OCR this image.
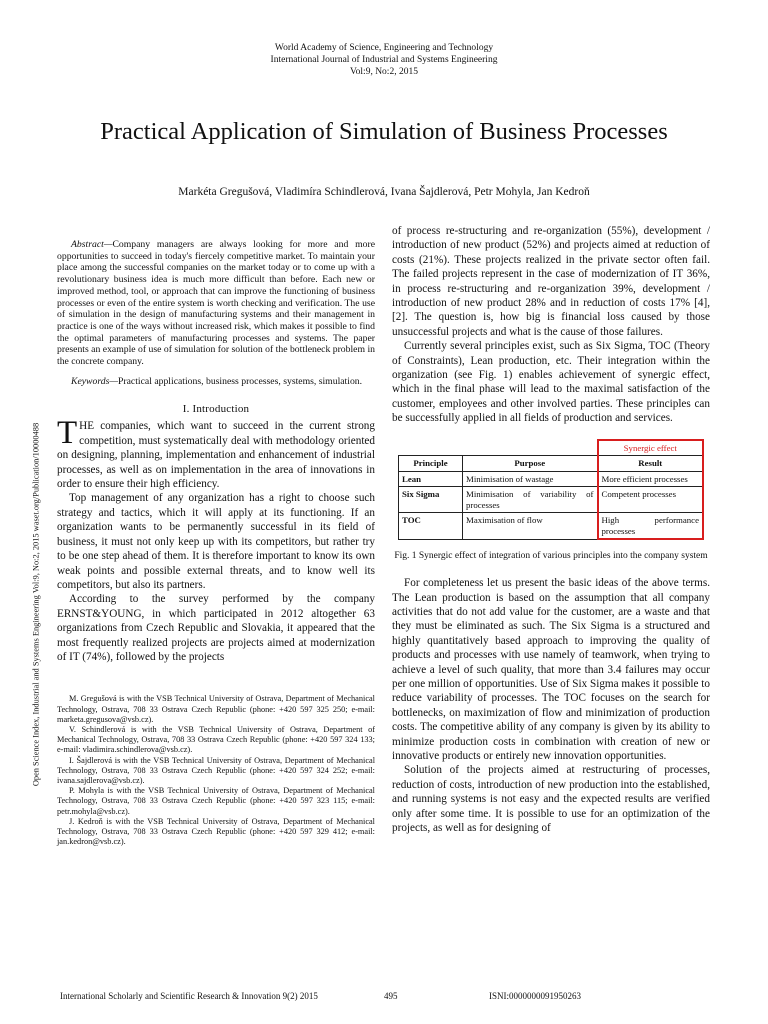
World Academy of Science, Engineering and Technology
International Journal of Industrial and Systems Engineering
Vol:9, No:2, 2015
Practical Application of Simulation of Business Processes
Markéta Gregušová, Vladimíra Schindlerová, Ivana Šajdlerová, Petr Mohyla, Jan Kedroň
Open Science Index, Industrial and Systems Engineering Vol:9, No:2, 2015 waset.org/Publication/10000488

Abstract—Company managers are always looking for more and more opportunities to succeed in today's fiercely competitive market. To maintain your place among the successful companies on the market today or to come up with a revolutionary business idea is much more difficult than before. Each new or improved method, tool, or approach that can improve the functioning of business processes or even of the entire system is worth checking and verification. The use of simulation in the design of manufacturing systems and their management in practice is one of the ways without increased risk, which makes it possible to find the optimal parameters of manufacturing processes and systems. The paper presents an example of use of simulation for solution of the bottleneck problem in the concrete company.

Keywords—Practical applications, business processes, systems, simulation.

I. Introduction

THE companies, which want to succeed in the current strong competition, must systematically deal with methodology oriented on designing, planning, implementation and enhancement of industrial processes, as well as on implementation in the area of innovations in order to ensure their high efficiency.

Top management of any organization has a right to choose such strategy and tactics, which it will apply at its functioning. If an organization wants to be permanently successful in its field of business, it must not only keep up with its competitors, but rather try to be one step ahead of them. It is therefore important to know its own weak points and possible external threats, and to know well its competitors, but also its partners.

According to the survey performed by the company ERNST&YOUNG, in which participated in 2012 altogether 63 organizations from Czech Republic and Slovakia, it appeared that the most frequently realized projects are projects aimed at modernization of IT (74%), followed by the projects

M. Gregušová is with the VSB Technical University of Ostrava, Department of Mechanical Technology, Ostrava, 708 33 Ostrava Czech Republic (phone: +420 597 325 250; e-mail: marketa.gregusova@vsb.cz).

V. Schindlerová is with the VSB Technical University of Ostrava, Department of Mechanical Technology, Ostrava, 708 33 Ostrava Czech Republic (phone: +420 597 324 133; e-mail: vladimira.schindlerova@vsb.cz).

I. Šajdlerová is with the VSB Technical University of Ostrava, Department of Mechanical Technology, Ostrava, 708 33 Ostrava Czech Republic (phone: +420 597 324 252; e-mail: ivana.sajdlerova@vsb.cz).

P. Mohyla is with the VSB Technical University of Ostrava, Department of Mechanical Technology, Ostrava, 708 33 Ostrava Czech Republic (phone: +420 597 323 115; e-mail: petr.mohyla@vsb.cz).

J. Kedroň is with the VSB Technical University of Ostrava, Department of Mechanical Technology, Ostrava, 708 33 Ostrava Czech Republic (phone: +420 597 329 412; e-mail: jan.kedron@vsb.cz).

of process re-structuring and re-organization (55%), development / introduction of new product (52%) and projects aimed at reduction of costs (21%). These projects realized in the private sector often fail. The failed projects represent in the case of modernization of IT 36%, in process re-structuring and re-organization 39%, development / introduction of new product 28% and in reduction of costs 17% [4], [2]. The question is, how big is financial loss caused by those unsuccessful projects and what is the cause of those failures.

Currently several principles exist, such as Six Sigma, TOC (Theory of Constraints), Lean production, etc. Their integration within the organization (see Fig. 1) enables achievement of synergic effect, which in the final phase will lead to the maximal satisfaction of the customer, employees and other involved parties. These principles can be successfully applied in all fields of production and services.

		Synergic effect
Principle	Purpose	Result
Lean	Minimisation of wastage	More efficient processes
Six Sigma	Minimisation of variability of processes	Competent processes
TOC	Maximisation of flow	High performance processes
Fig. 1 Synergic effect of integration of various principles into the company system

For completeness let us present the basic ideas of the above terms. The Lean production is based on the assumption that all company activities that do not add value for the customer, are a waste and that they must be eliminated as such. The Six Sigma is a structured and highly quantitatively based approach to improving the quality of products and processes with use namely of teamwork, when trying to achieve a level of such quality, that more than 3.4 failures may occur per one million of opportunities. Use of Six Sigma makes it possible to reduce variability of processes. The TOC focuses on the search for bottlenecks, on maximization of flow and minimization of production costs. The competitive ability of any company is given by its ability to minimize production costs in combination with creation of new or innovative products or entirely new innovation opportunities.

Solution of the projects aimed at restructuring of processes, reduction of costs, introduction of new production into the established, and running systems is not easy and the expected results are verified only after some time. It is possible to use for an optimization of the projects, as well as for designing of

International Scholarly and Scientific Research & Innovation 9(2) 2015	495	ISNI:0000000091950263
